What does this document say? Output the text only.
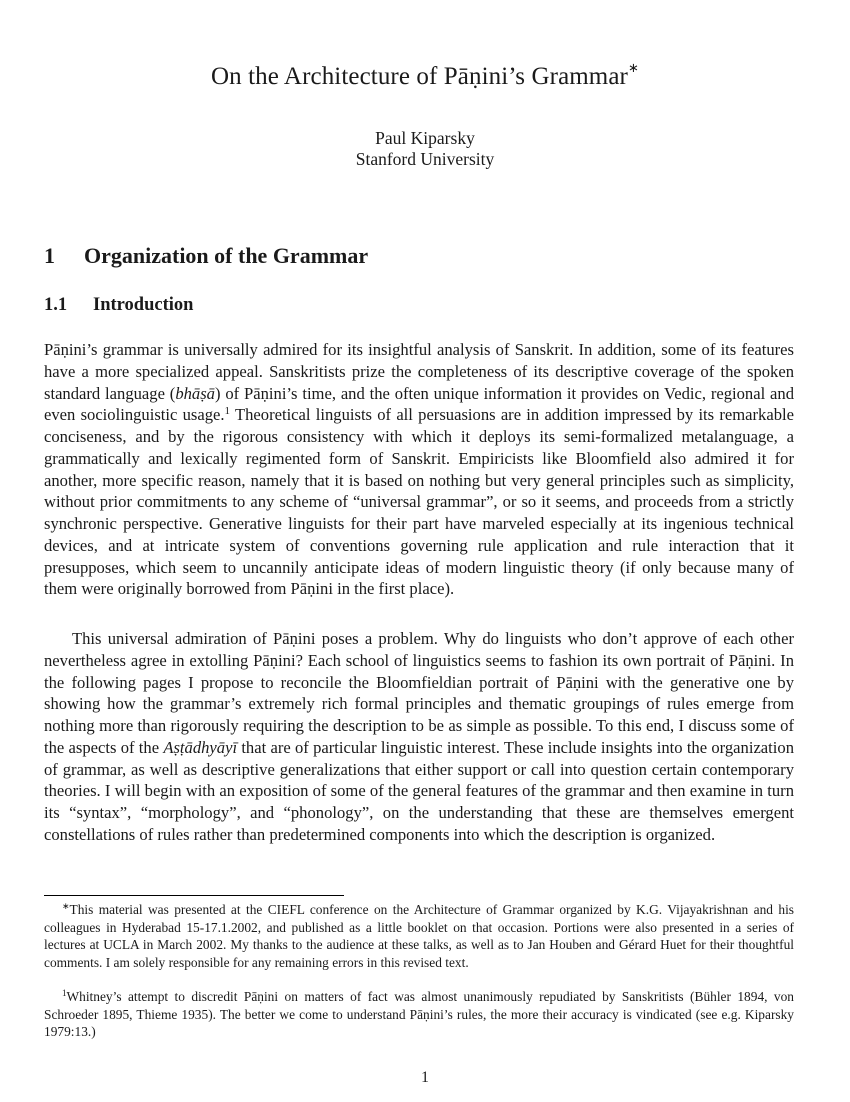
On the Architecture of Pāṇini’s Grammar∗
Paul Kiparsky
Stanford University
1 Organization of the Grammar
1.1 Introduction

Pāṇini’s grammar is universally admired for its insightful analysis of Sanskrit. In addition, some of its features have a more specialized appeal. Sanskritists prize the completeness of its descriptive coverage of the spoken standard language (bhāṣā) of Pāṇini’s time, and the often unique information it provides on Vedic, regional and even sociolinguistic usage.$^1$ Theoretical linguists of all persuasions are in addition impressed by its remarkable conciseness, and by the rigorous consistency with which it deploys its semi-formalized metalanguage, a grammatically and lexically regimented form of Sanskrit. Empiricists like Bloomfield also admired it for another, more specific reason, namely that it is based on nothing but very general principles such as simplicity, without prior commitments to any scheme of “universal grammar”, or so it seems, and proceeds from a strictly synchronic perspective. Generative linguists for their part have marveled especially at its ingenious technical devices, and at intricate system of conventions governing rule application and rule interaction that it presupposes, which seem to uncannily anticipate ideas of modern linguistic theory (if only because many of them were originally borrowed from Pāṇini in the first place).

This universal admiration of Pāṇini poses a problem. Why do linguists who don’t approve of each other nevertheless agree in extolling Pāṇini? Each school of linguistics seems to fashion its own portrait of Pāṇini. In the following pages I propose to reconcile the Bloomfieldian portrait of Pāṇini with the generative one by showing how the grammar’s extremely rich formal principles and thematic groupings of rules emerge from nothing more than rigorously requiring the description to be as simple as possible. To this end, I discuss some of the aspects of the Aṣṭādhyāyī that are of particular linguistic interest. These include insights into the organization of grammar, as well as descriptive generalizations that either support or call into question certain contemporary theories. I will begin with an exposition of some of the general features of the grammar and then examine in turn its “syntax”, “morphology”, and “phonology”, on the understanding that these are themselves emergent constellations of rules rather than predetermined components into which the description is organized.

∗This material was presented at the CIEFL conference on the Architecture of Grammar organized by K.G. Vijayakrishnan and his colleagues in Hyderabad 15-17.1.2002, and published as a little booklet on that occasion. Portions were also presented in a series of lectures at UCLA in March 2002. My thanks to the audience at these talks, as well as to Jan Houben and Gérard Huet for their thoughtful comments. I am solely responsible for any remaining errors in this revised text.

$^1$Whitney’s attempt to discredit Pāṇini on matters of fact was almost unanimously repudiated by Sanskritists (Bühler 1894, von Schroeder 1895, Thieme 1935). The better we come to understand Pāṇini’s rules, the more their accuracy is vindicated (see e.g. Kiparsky 1979:13.)

1
